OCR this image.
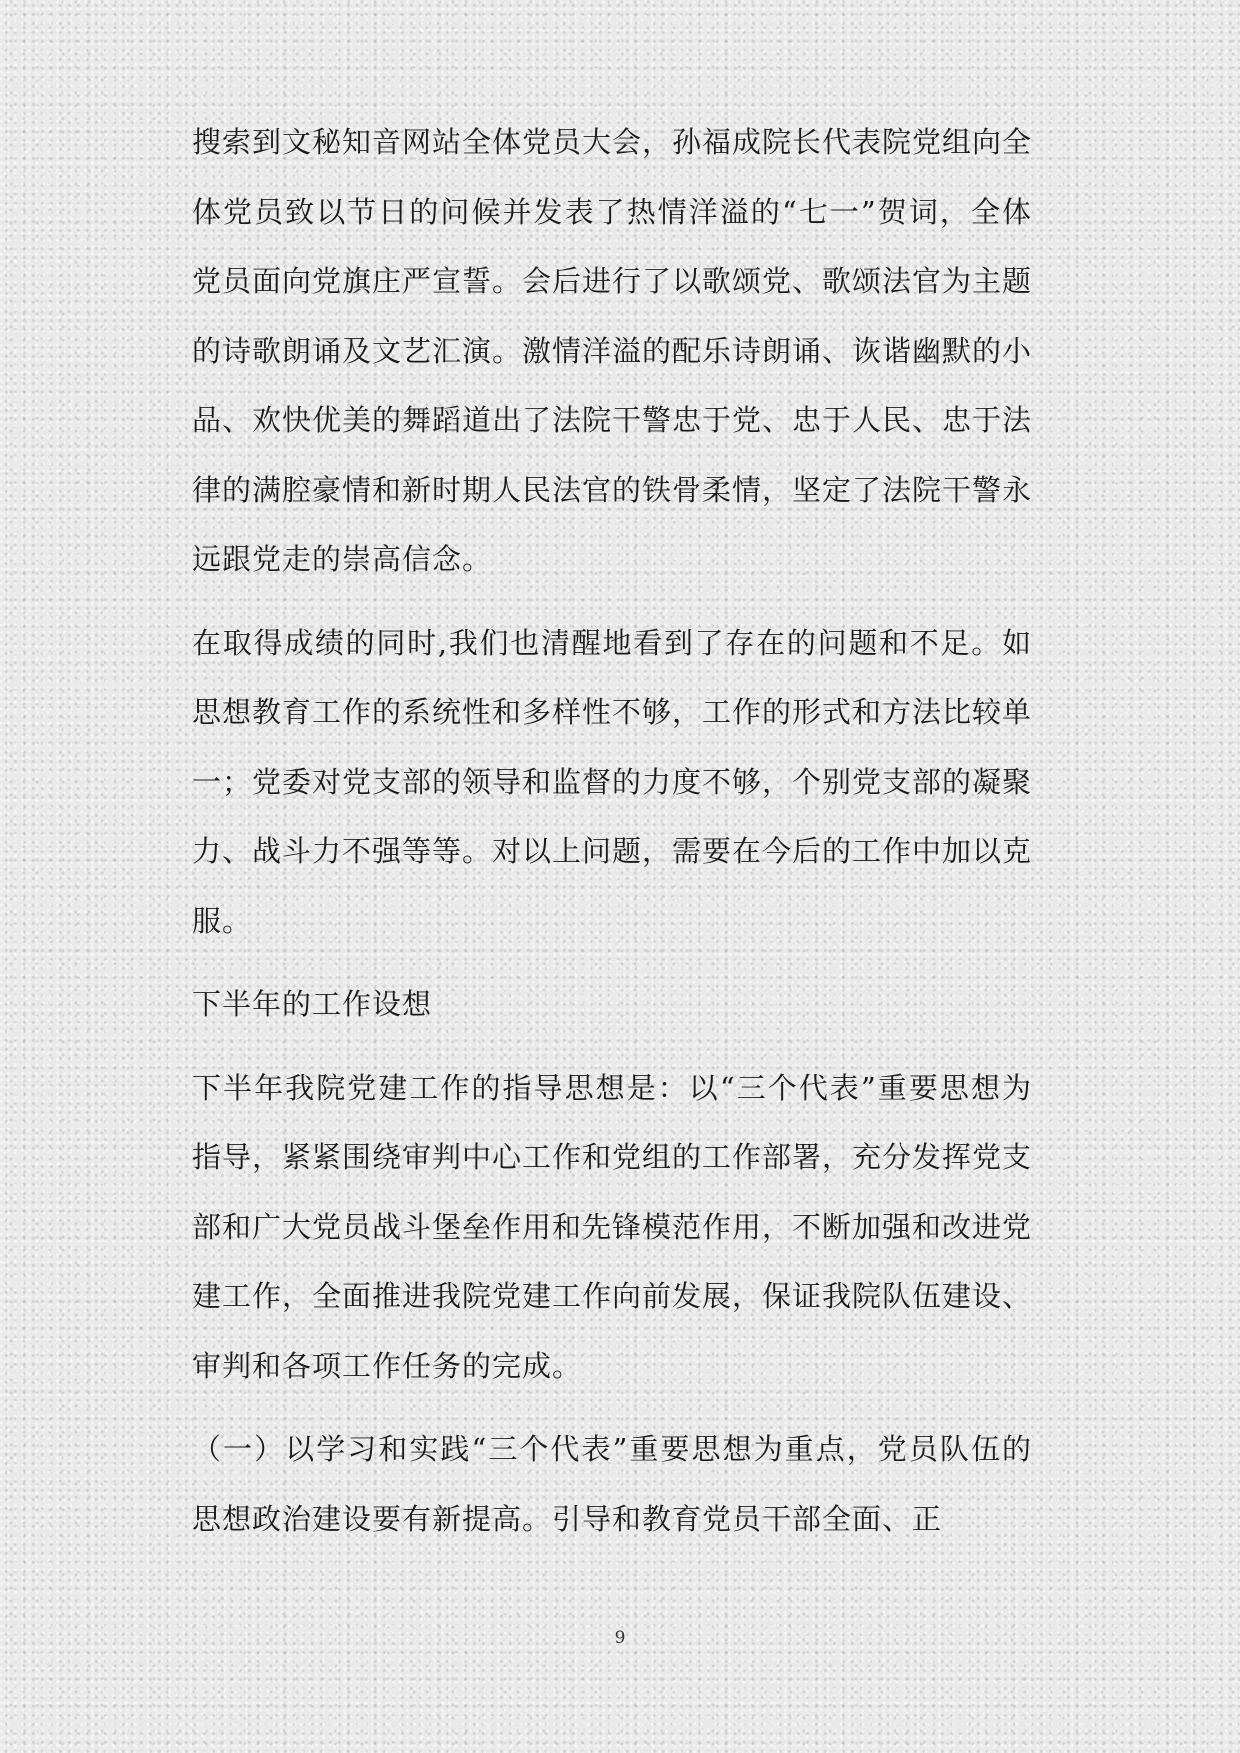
搜索到文秘知音网站全体党员大会，孙福成院长代表院党组向全体党员致以节日的问候并发表了热情洋溢的“七一”贺词，全体党员面向党旗庄严宣誓。会后进行了以歌颂党、歌颂法官为主题的诗歌朗诵及文艺汇演。激情洋溢的配乐诗朗诵、诙谐幽默的小品、欢快优美的舞蹈道出了法院干警忠于党、忠于人民、忠于法律的满腔豪情和新时期人民法官的铁骨柔情，坚定了法院干警永远跟党走的崇高信念。

在取得成绩的同时,我们也清醒地看到了存在的问题和不足。如思想教育工作的系统性和多样性不够，工作的形式和方法比较单一；党委对党支部的领导和监督的力度不够，个别党支部的凝聚力、战斗力不强等等。对以上问题，需要在今后的工作中加以克服。

下半年的工作设想

下半年我院党建工作的指导思想是：以“三个代表”重要思想为指导，紧紧围绕审判中心工作和党组的工作部署，充分发挥党支部和广大党员战斗堡垒作用和先锋模范作用，不断加强和改进党建工作，全面推进我院党建工作向前发展，保证我院队伍建设、审判和各项工作任务的完成。

（一）以学习和实践“三个代表”重要思想为重点，党员队伍的思想政治建设要有新提高。引导和教育党员干部全面、正

9
